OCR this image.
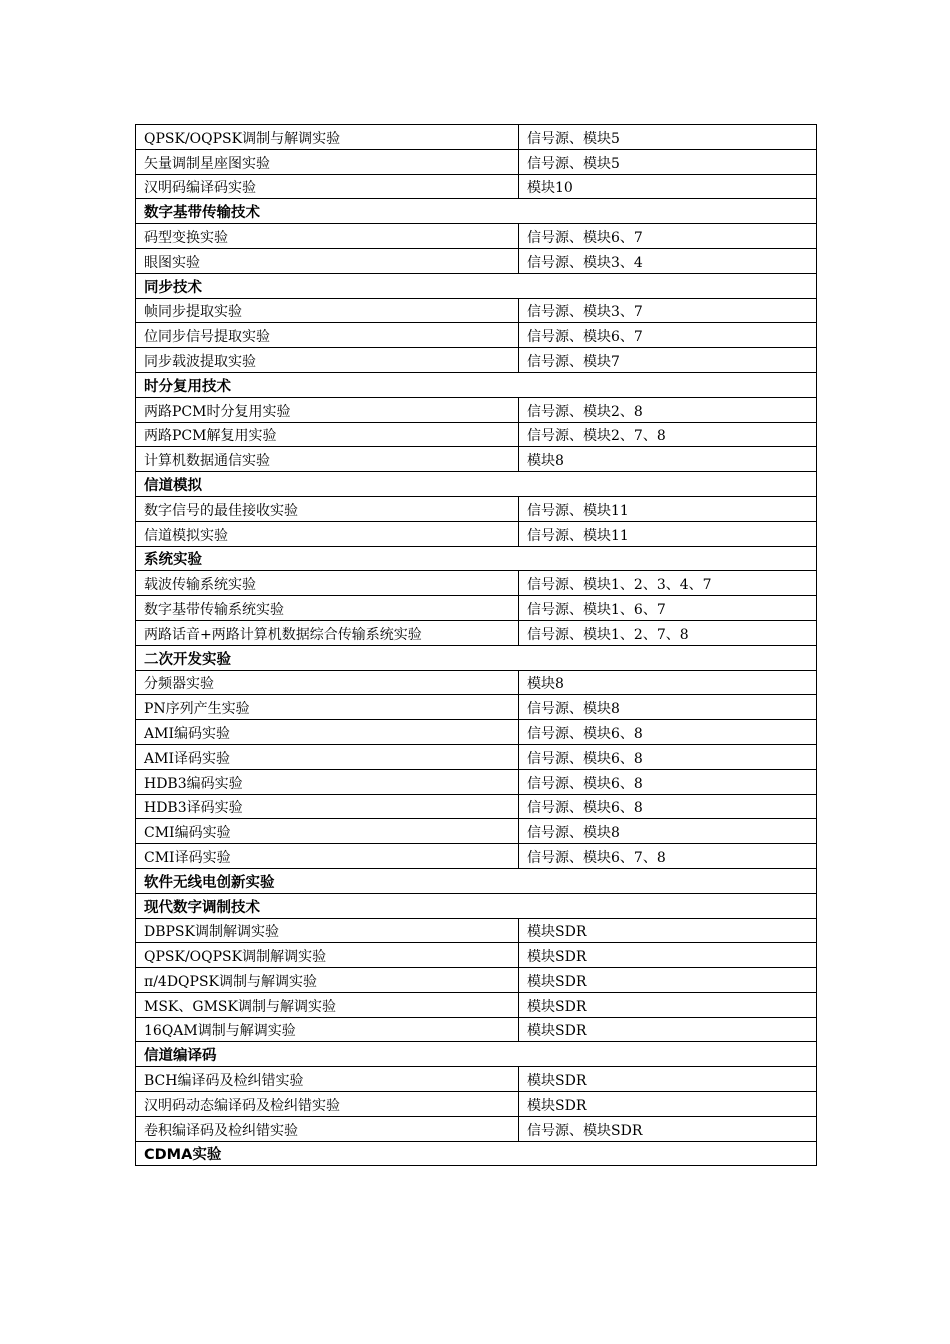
QPSK/OQPSK调制与解调实验	信号源、模块5
矢量调制星座图实验	信号源、模块5
汉明码编译码实验	模块10
数字基带传输技术	
码型变换实验	信号源、模块6、7
眼图实验	信号源、模块3、4
同步技术	
帧同步提取实验	信号源、模块3、7
位同步信号提取实验	信号源、模块6、7
同步载波提取实验	信号源、模块7
时分复用技术	
两路PCM时分复用实验	信号源、模块2、8
两路PCM解复用实验	信号源、模块2、7、8
计算机数据通信实验	模块8
信道模拟	
数字信号的最佳接收实验	信号源、模块11
信道模拟实验	信号源、模块11
系统实验	
载波传输系统实验	信号源、模块1、2、3、4、7
数字基带传输系统实验	信号源、模块1、6、7
两路话音+两路计算机数据综合传输系统实验	信号源、模块1、2、7、8
二次开发实验	
分频器实验	模块8
PN序列产生实验	信号源、模块8
AMI编码实验	信号源、模块6、8
AMI译码实验	信号源、模块6、8
HDB3编码实验	信号源、模块6、8
HDB3译码实验	信号源、模块6、8
CMI编码实验	信号源、模块8
CMI译码实验	信号源、模块6、7、8
软件无线电创新实验	
现代数字调制技术	
DBPSK调制解调实验	模块SDR
QPSK/OQPSK调制解调实验	模块SDR
π/4DQPSK调制与解调实验	模块SDR
MSK、GMSK调制与解调实验	模块SDR
16QAM调制与解调实验	模块SDR
信道编译码	
BCH编译码及检纠错实验	模块SDR
汉明码动态编译码及检纠错实验	模块SDR
卷积编译码及检纠错实验	信号源、模块SDR
CDMA实验	
